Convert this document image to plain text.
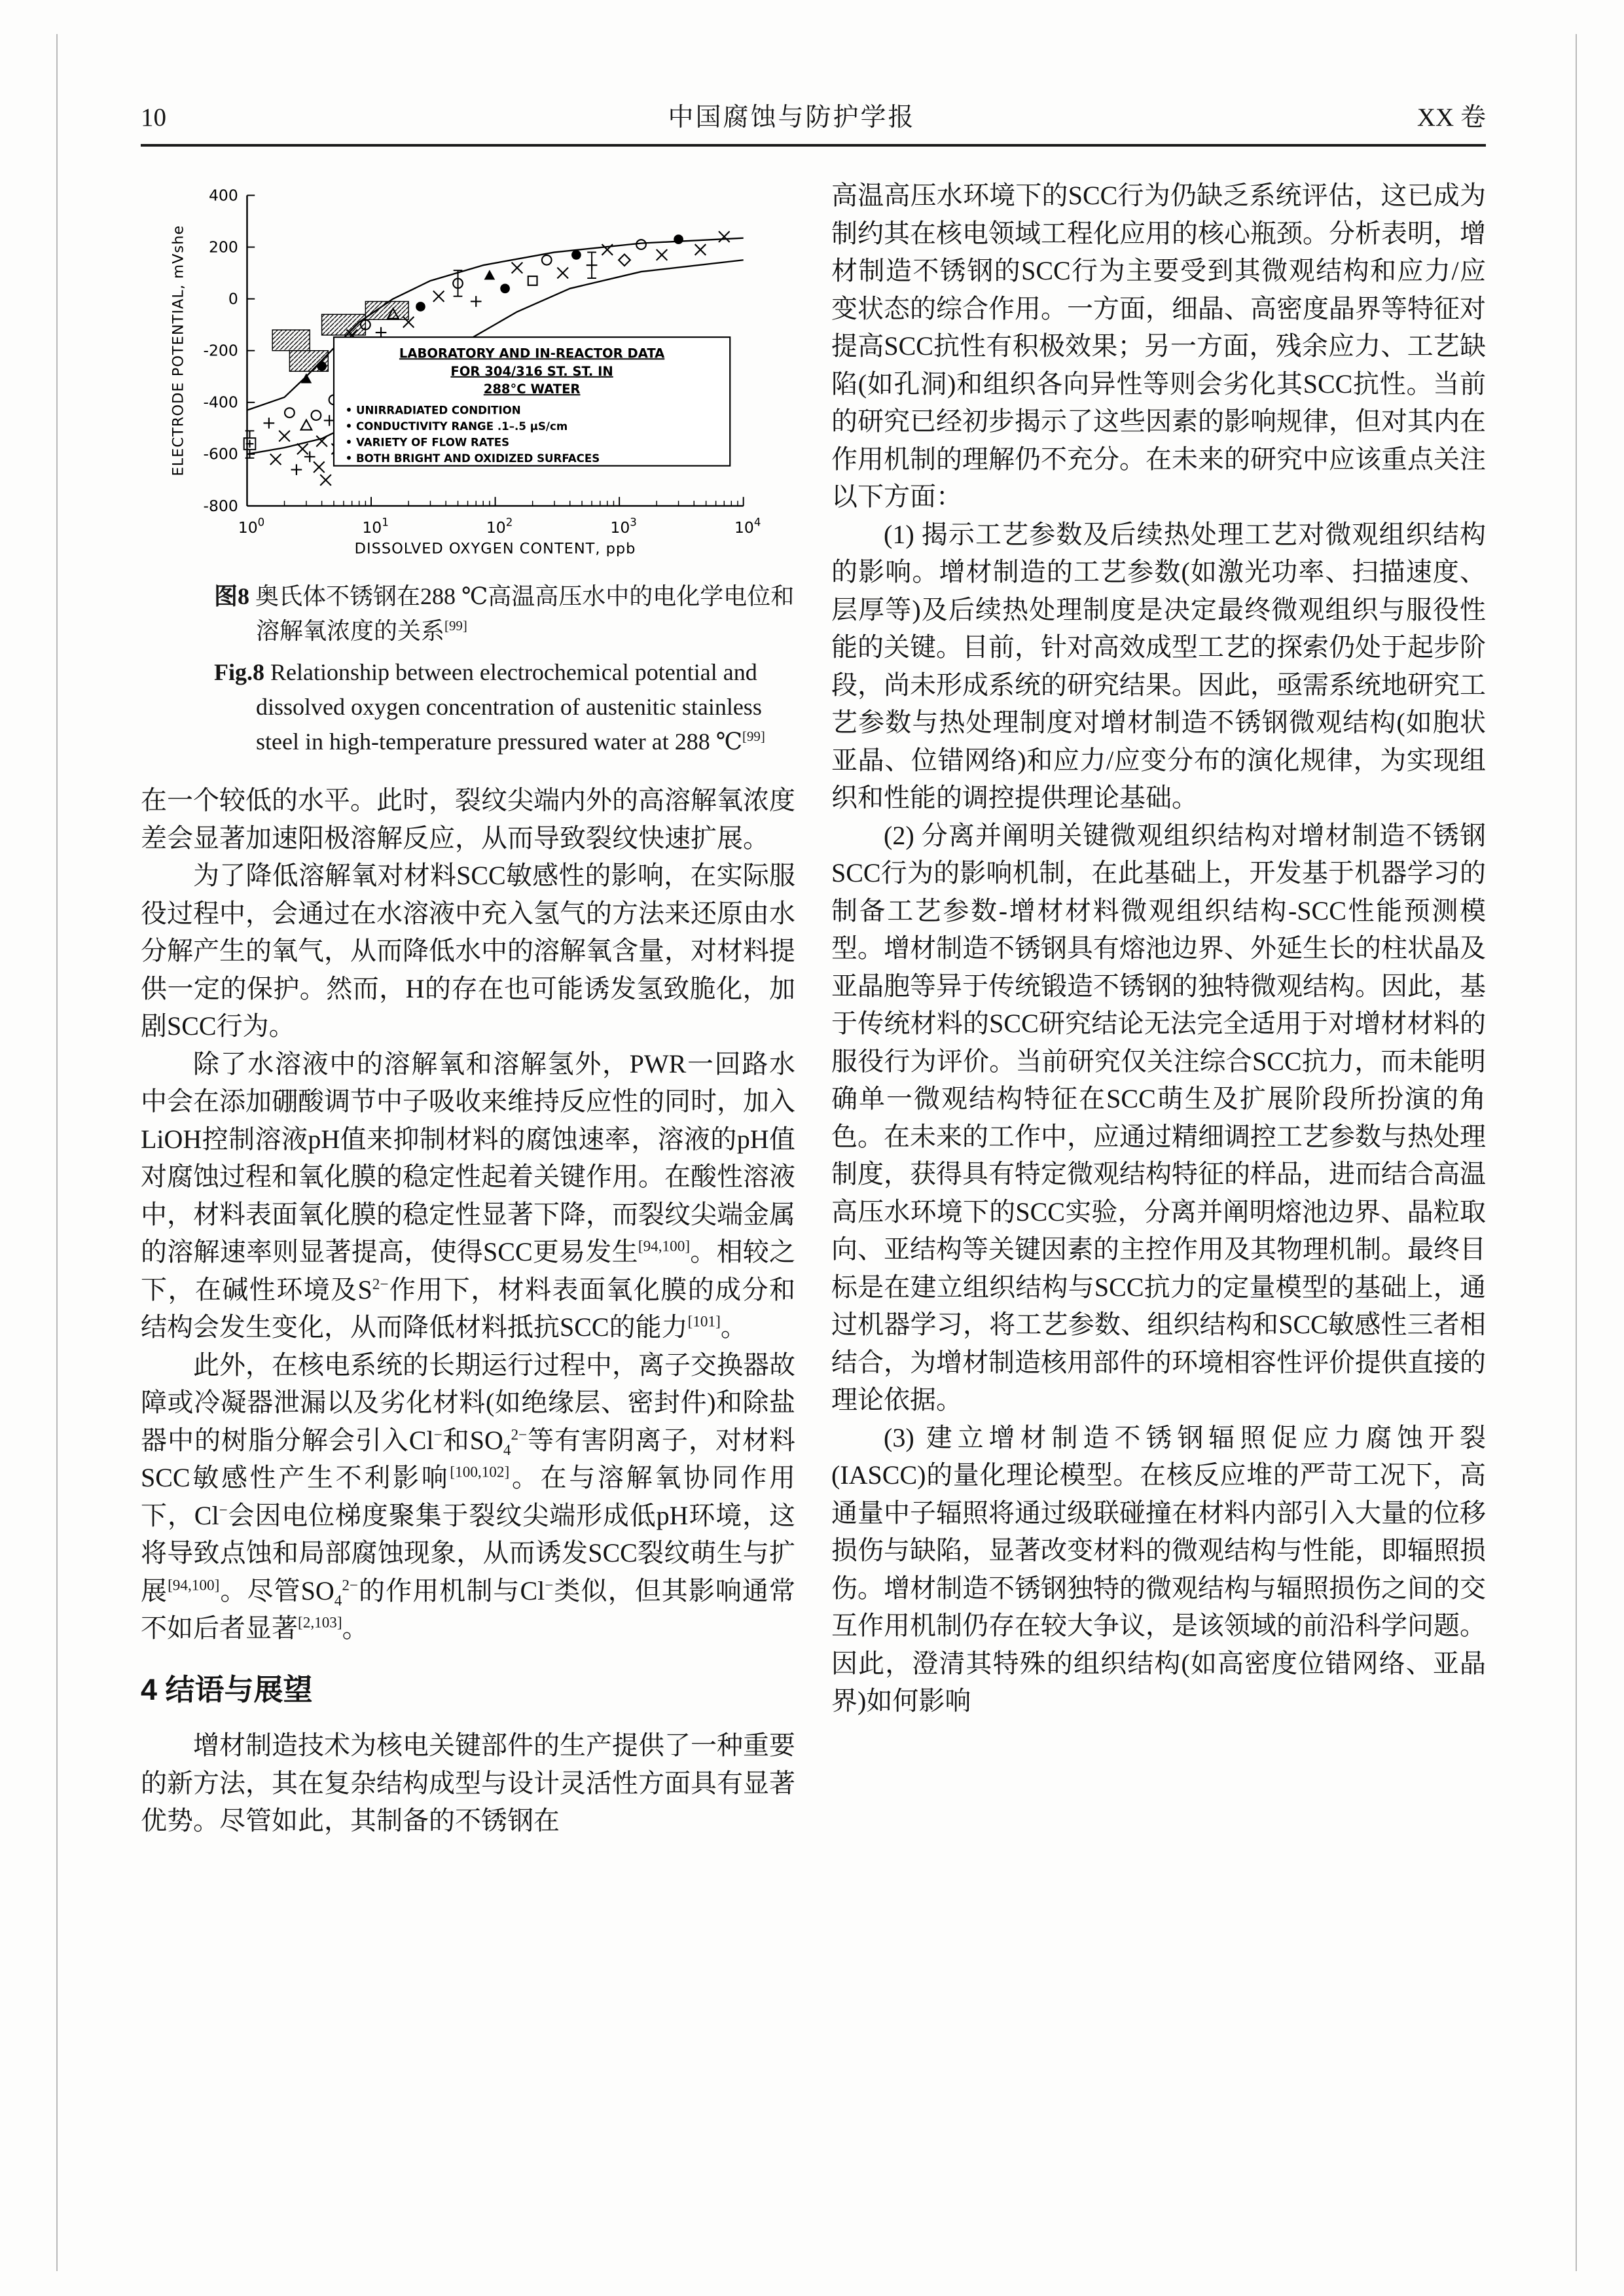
10	中国腐蚀与防护学报	XX 卷
400
200
0
-200
-400
-600
-800
$10^0$	$10^1$	$10^2$	$10^3$	$10^4$
DISSOLVED OXYGEN CONTENT, ppb
ELECTRODE POTENTIAL, mVshe	LABORATORY AND IN-REACTOR DATA
FOR 304/316 ST. ST. IN
288°C WATER
• UNIRRADIATED CONDITION
• CONDUCTIVITY RANGE .1–.5 μS/cm
• VARIETY OF FLOW RATES
• BOTH BRIGHT AND OXIDIZED SURFACES

图8 奥氏体不锈钢在288 ℃高温高压水中的电化学电位和溶解氧浓度的关系[99]

Fig.8 Relationship between electrochemical potential and dissolved oxygen concentration of austenitic stainless steel in high-temperature pressured water at 288 ℃[99]

在一个较低的水平。此时，裂纹尖端内外的高溶解氧浓度差会显著加速阳极溶解反应，从而导致裂纹快速扩展。

为了降低溶解氧对材料SCC敏感性的影响，在实际服役过程中，会通过在水溶液中充入氢气的方法来还原由水分解产生的氧气，从而降低水中的溶解氧含量，对材料提供一定的保护。然而，H的存在也可能诱发氢致脆化，加剧SCC行为。

除了水溶液中的溶解氧和溶解氢外，PWR一回路水中会在添加硼酸调节中子吸收来维持反应性的同时，加入LiOH控制溶液pH值来抑制材料的腐蚀速率，溶液的pH值对腐蚀过程和氧化膜的稳定性起着关键作用。在酸性溶液中，材料表面氧化膜的稳定性显著下降，而裂纹尖端金属的溶解速率则显著提高，使得SCC更易发生[94,100]。相较之下，在碱性环境及$S^{2-}$作用下，材料表面氧化膜的成分和结构会发生变化，从而降低材料抵抗SCC的能力[101]。

此外，在核电系统的长期运行过程中，离子交换器故障或冷凝器泄漏以及劣化材料(如绝缘层、密封件)和除盐器中的树脂分解会引入Cl−和$SO_4^{2-}$等有害阴离子，对材料SCC敏感性产生不利影响[100,102]。在与溶解氧协同作用下，Cl−会因电位梯度聚集于裂纹尖端形成低pH环境，这将导致点蚀和局部腐蚀现象，从而诱发SCC裂纹萌生与扩展[94,100]。尽管$SO_4^{2-}$的作用机制与Cl−类似，但其影响通常不如后者显著[2,103]。

4 结语与展望

增材制造技术为核电关键部件的生产提供了一种重要的新方法，其在复杂结构成型与设计灵活性方面具有显著优势。尽管如此，其制备的不锈钢在

高温高压水环境下的SCC行为仍缺乏系统评估，这已成为制约其在核电领域工程化应用的核心瓶颈。分析表明，增材制造不锈钢的SCC行为主要受到其微观结构和应力/应变状态的综合作用。一方面，细晶、高密度晶界等特征对提高SCC抗性有积极效果；另一方面，残余应力、工艺缺陷(如孔洞)和组织各向异性等则会劣化其SCC抗性。当前的研究已经初步揭示了这些因素的影响规律，但对其内在作用机制的理解仍不充分。在未来的研究中应该重点关注以下方面：

(1) 揭示工艺参数及后续热处理工艺对微观组织结构的影响。增材制造的工艺参数(如激光功率、扫描速度、层厚等)及后续热处理制度是决定最终微观组织与服役性能的关键。目前，针对高效成型工艺的探索仍处于起步阶段，尚未形成系统的研究结果。因此，亟需系统地研究工艺参数与热处理制度对增材制造不锈钢微观结构(如胞状亚晶、位错网络)和应力/应变分布的演化规律，为实现组织和性能的调控提供理论基础。

(2) 分离并阐明关键微观组织结构对增材制造不锈钢SCC行为的影响机制，在此基础上，开发基于机器学习的制备工艺参数-增材材料微观组织结构-SCC性能预测模型。增材制造不锈钢具有熔池边界、外延生长的柱状晶及亚晶胞等异于传统锻造不锈钢的独特微观结构。因此，基于传统材料的SCC研究结论无法完全适用于对增材材料的服役行为评价。当前研究仅关注综合SCC抗力，而未能明确单一微观结构特征在SCC萌生及扩展阶段所扮演的角色。在未来的工作中，应通过精细调控工艺参数与热处理制度，获得具有特定微观结构特征的样品，进而结合高温高压水环境下的SCC实验，分离并阐明熔池边界、晶粒取向、亚结构等关键因素的主控作用及其物理机制。最终目标是在建立组织结构与SCC抗力的定量模型的基础上，通过机器学习，将工艺参数、组织结构和SCC敏感性三者相结合，为增材制造核用部件的环境相容性评价提供直接的理论依据。

(3) 建立增材制造不锈钢辐照促应力腐蚀开裂(IASCC)的量化理论模型。在核反应堆的严苛工况下，高通量中子辐照将通过级联碰撞在材料内部引入大量的位移损伤与缺陷，显著改变材料的微观结构与性能，即辐照损伤。增材制造不锈钢独特的微观结构与辐照损伤之间的交互作用机制仍存在较大争议，是该领域的前沿科学问题。因此，澄清其特殊的组织结构(如高密度位错网络、亚晶界)如何影响
